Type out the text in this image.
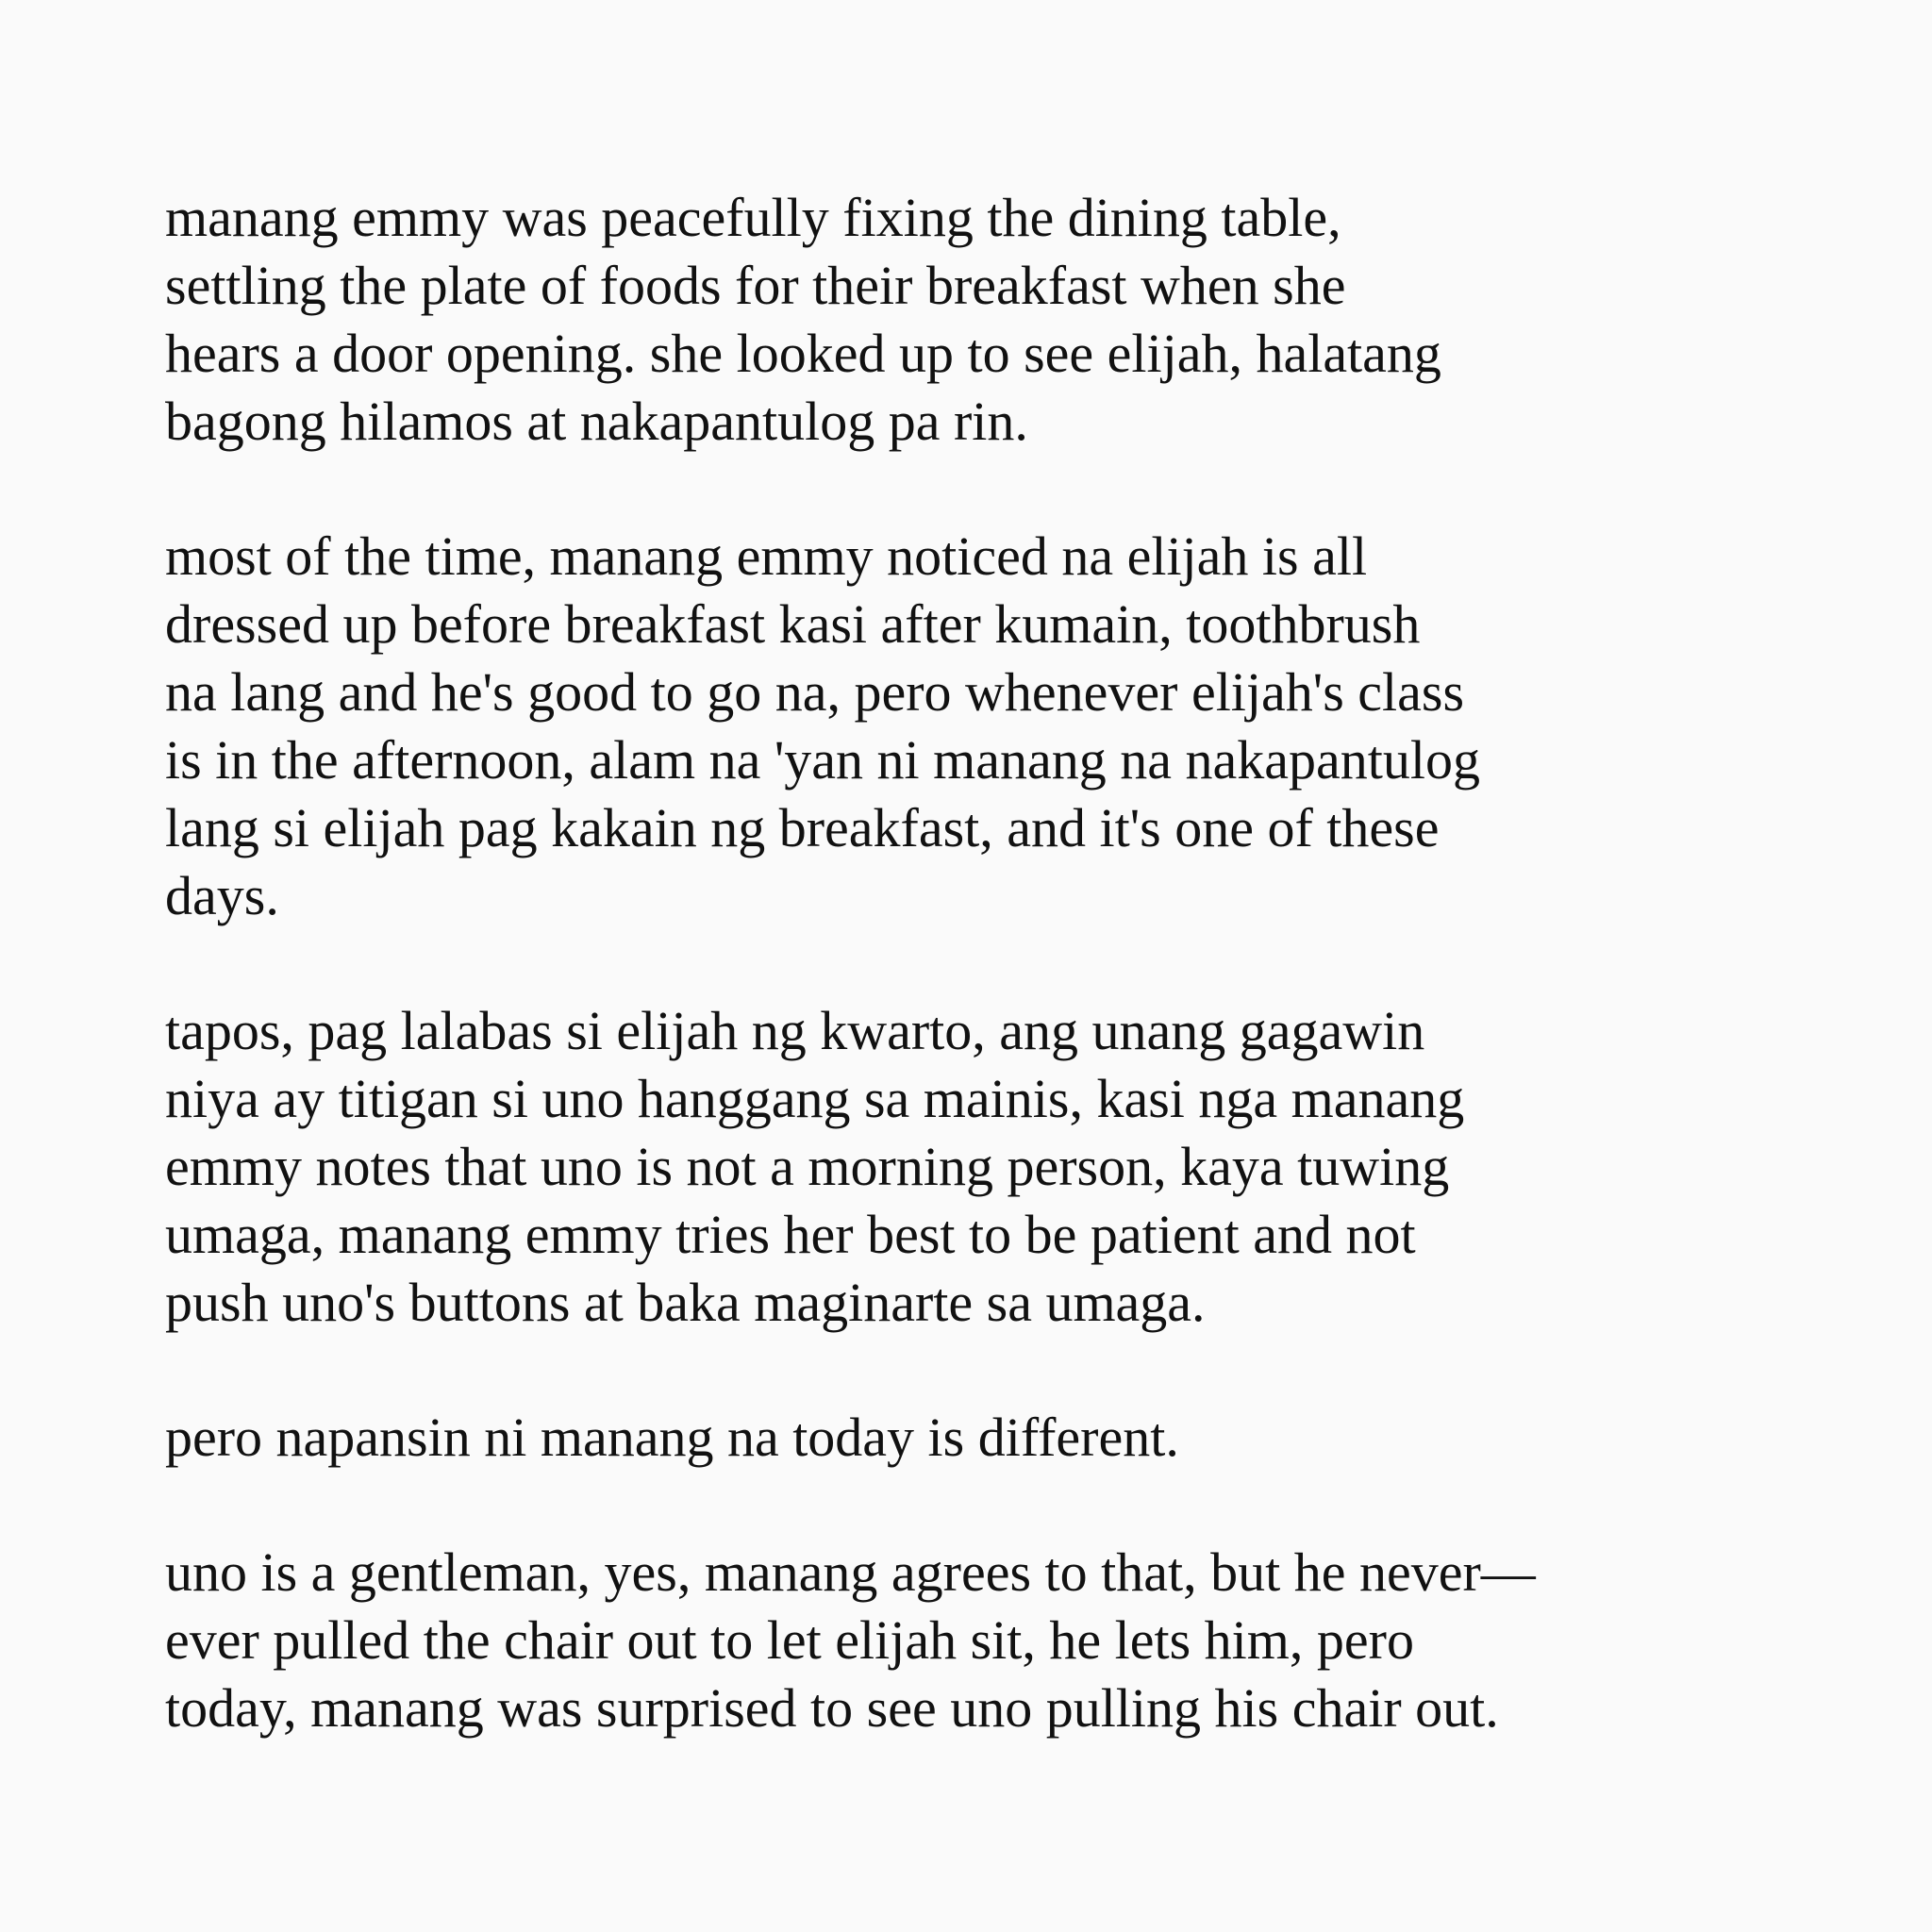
manang emmy was peacefully fixing the dining table,
settling the plate of foods for their breakfast when she
hears a door opening. she looked up to see elijah, halatang
bagong hilamos at nakapantulog pa rin.

most of the time, manang emmy noticed na elijah is all
dressed up before breakfast kasi after kumain, toothbrush
na lang and he's good to go na, pero whenever elijah's class
is in the afternoon, alam na 'yan ni manang na nakapantulog
lang si elijah pag kakain ng breakfast, and it's one of these
days.

tapos, pag lalabas si elijah ng kwarto, ang unang gagawin
niya ay titigan si uno hanggang sa mainis, kasi nga manang
emmy notes that uno is not a morning person, kaya tuwing
umaga, manang emmy tries her best to be patient and not
push uno's buttons at baka maginarte sa umaga.

pero napansin ni manang na today is different.

uno is a gentleman, yes, manang agrees to that, but he never—
ever pulled the chair out to let elijah sit, he lets him, pero
today, manang was surprised to see uno pulling his chair out.
